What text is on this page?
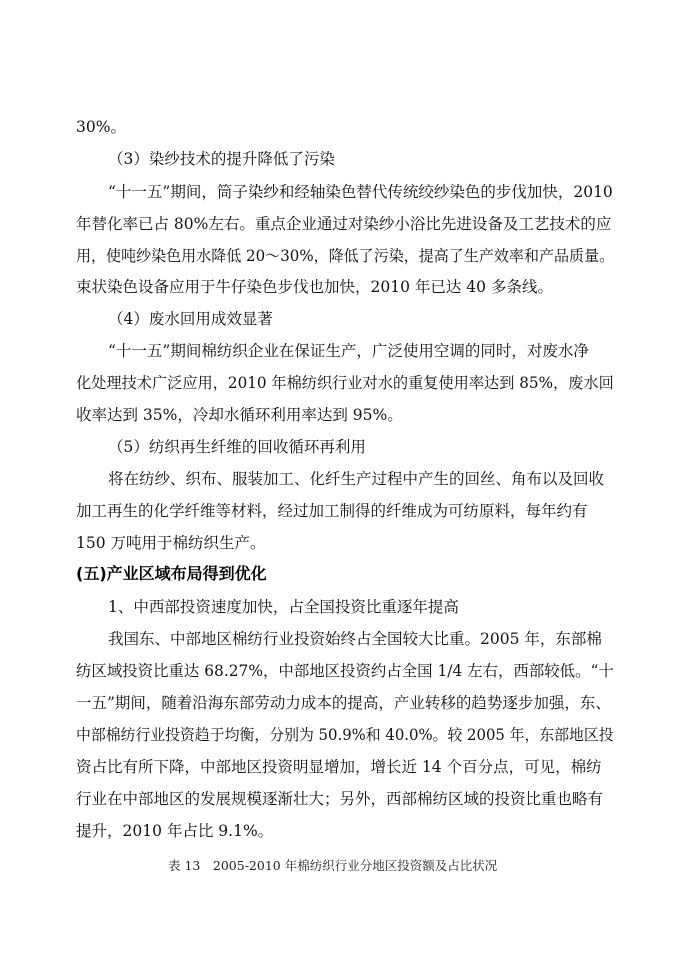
30%。
（3）染纱技术的提升降低了污染
“十一五”期间，筒子染纱和经轴染色替代传统绞纱染色的步伐加快，2010
年替化率已占 80%左右。重点企业通过对染纱小浴比先进设备及工艺技术的应
用，使吨纱染色用水降低 20～30%，降低了污染，提高了生产效率和产品质量。
束状染色设备应用于牛仔染色步伐也加快，2010 年已达 40 多条线。
（4）废水回用成效显著
“十一五”期间棉纺织企业在保证生产，广泛使用空调的同时，对废水净
化处理技术广泛应用，2010 年棉纺织行业对水的重复使用率达到 85%，废水回
收率达到 35%，冷却水循环利用率达到 95%。
（5）纺织再生纤维的回收循环再利用
将在纺纱、织布、服装加工、化纤生产过程中产生的回丝、角布以及回收
加工再生的化学纤维等材料，经过加工制得的纤维成为可纺原料，每年约有
150 万吨用于棉纺织生产。
(五)产业区域布局得到优化
1、中西部投资速度加快，占全国投资比重逐年提高
我国东、中部地区棉纺行业投资始终占全国较大比重。2005 年，东部棉
纺区域投资比重达 68.27%，中部地区投资约占全国 1/4 左右，西部较低。“十
一五”期间，随着沿海东部劳动力成本的提高，产业转移的趋势逐步加强，东、
中部棉纺行业投资趋于均衡，分别为 50.9%和 40.0%。较 2005 年，东部地区投
资占比有所下降，中部地区投资明显增加，增长近 14 个百分点，可见，棉纺
行业在中部地区的发展规模逐渐壮大；另外，西部棉纺区域的投资比重也略有
提升，2010 年占比 9.1%。
表 13　2005-2010 年棉纺织行业分地区投资额及占比状况
